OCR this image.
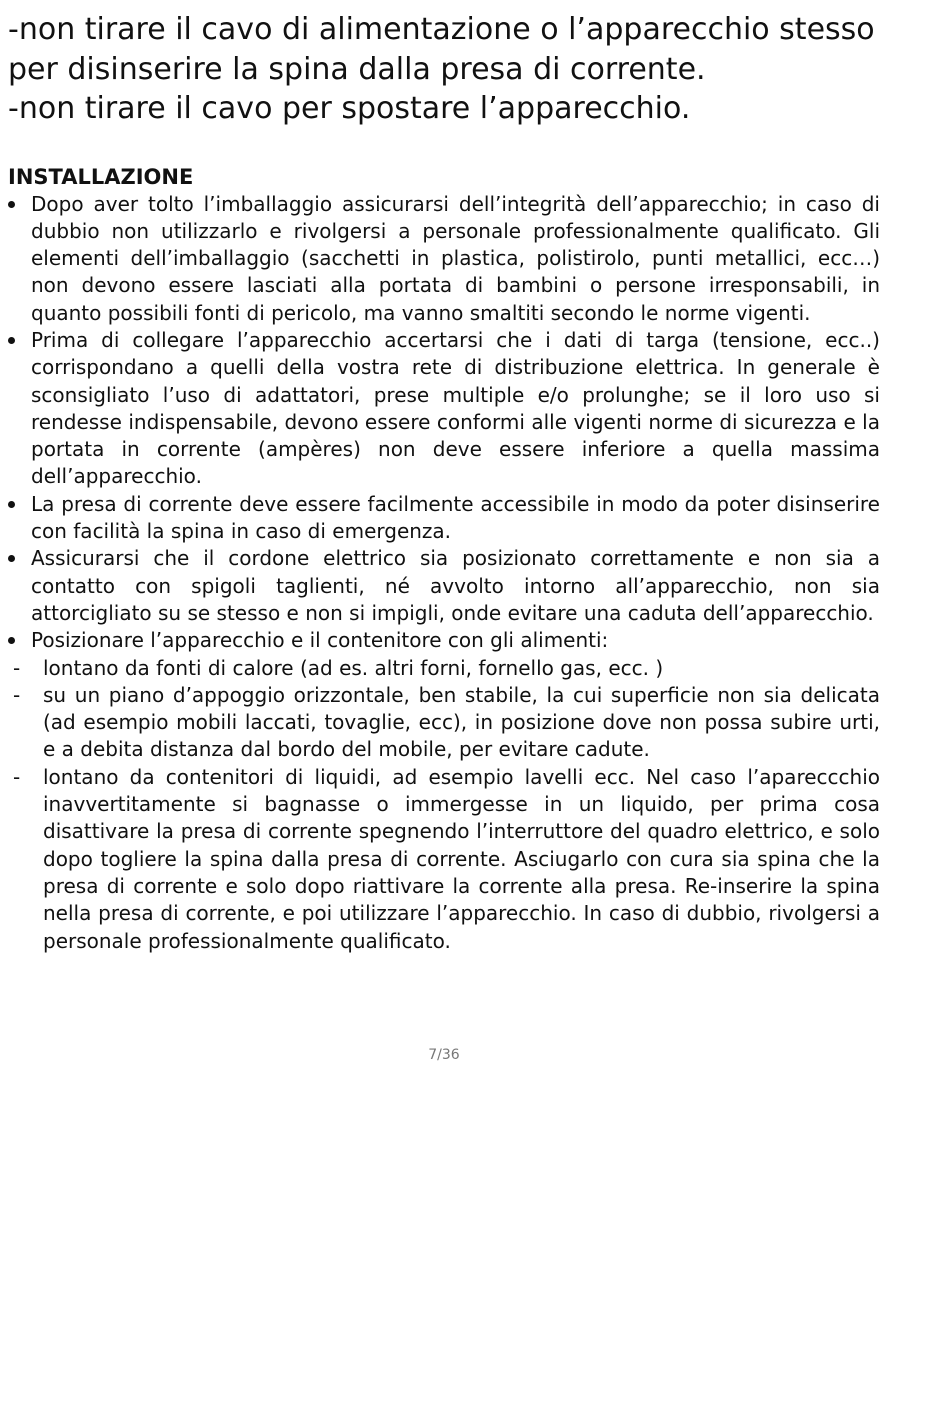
-non tirare il cavo di alimentazione o l’apparecchio stesso per disinserire la spina dalla presa di corrente.

-non tirare il cavo per spostare l’apparecchio.

INSTALLAZIONE
Dopo aver tolto l’imballaggio assicurarsi dell’integrità dell’apparecchio; in caso di dubbio non utilizzarlo e rivolgersi a personale professionalmente qualificato. Gli elementi dell’imballaggio (sacchetti in plastica, polistirolo, punti metallici, ecc…) non devono essere lasciati alla portata di bambini o persone irresponsabili, in quanto possibili fonti di pericolo, ma vanno smaltiti secondo le norme vigenti.
Prima di collegare l’apparecchio accertarsi che i dati di targa (tensione, ecc..) corrispondano a quelli della vostra rete di distribuzione elettrica. In generale è sconsigliato l’uso di adattatori, prese multiple e/o prolunghe; se il loro uso si rendesse indispensabile, devono essere conformi alle vigenti norme di sicurezza e la portata in corrente (ampères) non deve essere inferiore a quella massima dell’apparecchio.
La presa di corrente deve essere facilmente accessibile in modo da poter disinserire con facilità la spina in caso di emergenza.
Assicurarsi che il cordone elettrico sia posizionato correttamente e non sia a contatto con spigoli taglienti, né avvolto intorno all’apparecchio, non sia attorcigliato su se stesso e non si impigli, onde evitare una caduta dell’apparecchio.
Posizionare l’apparecchio e il contenitore con gli alimenti:
- lontano da fonti di calore (ad es. altri forni, fornello gas, ecc. )
- su un piano d’appoggio orizzontale, ben stabile, la cui superficie non sia delicata (ad esempio mobili laccati, tovaglie, ecc), in posizione dove non possa subire urti, e a debita distanza dal bordo del mobile, per evitare cadute.
- lontano da contenitori di liquidi, ad esempio lavelli ecc. Nel caso l’apareccchio inavvertitamente si bagnasse o immergesse in un liquido, per prima cosa disattivare la presa di corrente spegnendo l’interruttore del quadro elettrico, e solo dopo togliere la spina dalla presa di corrente. Asciugarlo con cura sia spina che la presa di corrente e solo dopo riattivare la corrente alla presa. Re-inserire la spina nella presa di corrente, e poi utilizzare l’apparecchio. In caso di dubbio, rivolgersi a personale professionalmente qualificato.
7/36
